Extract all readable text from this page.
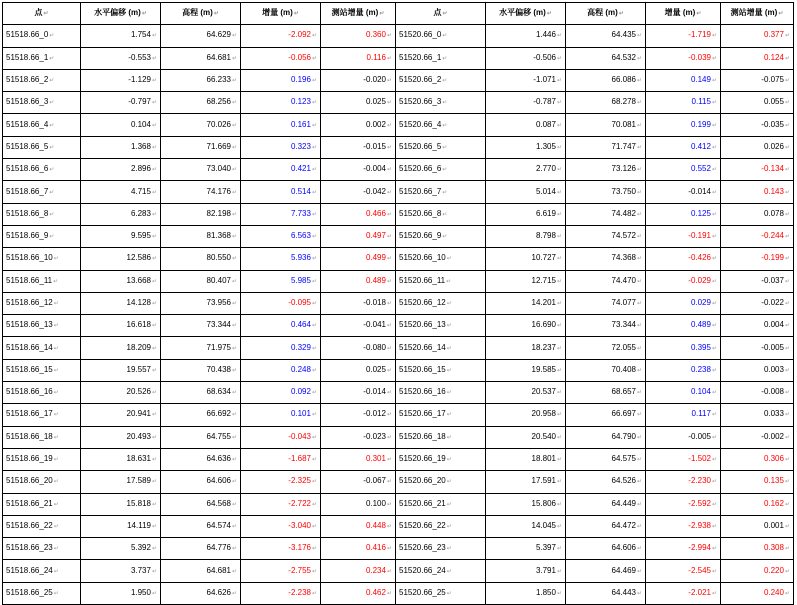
点↵	水平偏移 (m)↵	高程 (m)↵	增量 (m)↵	测站增量 (m)↵	点↵	水平偏移 (m)↵	高程 (m)↵	增量 (m)↵	测站增量 (m)↵
51518.66_0↵	1.754↵	64.629↵	-2.092↵	0.360↵	51520.66_0↵	1.446↵	64.435↵	-1.719↵	0.377↵
51518.66_1↵	-0.553↵	64.681↵	-0.056↵	0.116↵	51520.66_1↵	-0.506↵	64.532↵	-0.039↵	0.124↵
51518.66_2↵	-1.129↵	66.233↵	0.196↵	-0.020↵	51520.66_2↵	-1.071↵	66.086↵	0.149↵	-0.075↵
51518.66_3↵	-0.797↵	68.256↵	0.123↵	0.025↵	51520.66_3↵	-0.787↵	68.278↵	0.115↵	0.055↵
51518.66_4↵	0.104↵	70.026↵	0.161↵	0.002↵	51520.66_4↵	0.087↵	70.081↵	0.199↵	-0.035↵
51518.66_5↵	1.368↵	71.669↵	0.323↵	-0.015↵	51520.66_5↵	1.305↵	71.747↵	0.412↵	0.026↵
51518.66_6↵	2.896↵	73.040↵	0.421↵	-0.004↵	51520.66_6↵	2.770↵	73.126↵	0.552↵	-0.134↵
51518.66_7↵	4.715↵	74.176↵	0.514↵	-0.042↵	51520.66_7↵	5.014↵	73.750↵	-0.014↵	0.143↵
51518.66_8↵	6.283↵	82.198↵	7.733↵	0.466↵	51520.66_8↵	6.619↵	74.482↵	0.125↵	0.078↵
51518.66_9↵	9.595↵	81.368↵	6.563↵	0.497↵	51520.66_9↵	8.798↵	74.572↵	-0.191↵	-0.244↵
51518.66_10↵	12.586↵	80.550↵	5.936↵	0.499↵	51520.66_10↵	10.727↵	74.368↵	-0.426↵	-0.199↵
51518.66_11↵	13.668↵	80.407↵	5.985↵	0.489↵	51520.66_11↵	12.715↵	74.470↵	-0.029↵	-0.037↵
51518.66_12↵	14.128↵	73.956↵	-0.095↵	-0.018↵	51520.66_12↵	14.201↵	74.077↵	0.029↵	-0.022↵
51518.66_13↵	16.618↵	73.344↵	0.464↵	-0.041↵	51520.66_13↵	16.690↵	73.344↵	0.489↵	0.004↵
51518.66_14↵	18.209↵	71.975↵	0.329↵	-0.080↵	51520.66_14↵	18.237↵	72.055↵	0.395↵	-0.005↵
51518.66_15↵	19.557↵	70.438↵	0.248↵	0.025↵	51520.66_15↵	19.585↵	70.408↵	0.238↵	0.003↵
51518.66_16↵	20.526↵	68.634↵	0.092↵	-0.014↵	51520.66_16↵	20.537↵	68.657↵	0.104↵	-0.008↵
51518.66_17↵	20.941↵	66.692↵	0.101↵	-0.012↵	51520.66_17↵	20.958↵	66.697↵	0.117↵	0.033↵
51518.66_18↵	20.493↵	64.755↵	-0.043↵	-0.023↵	51520.66_18↵	20.540↵	64.790↵	-0.005↵	-0.002↵
51518.66_19↵	18.631↵	64.636↵	-1.687↵	0.301↵	51520.66_19↵	18.801↵	64.575↵	-1.502↵	0.306↵
51518.66_20↵	17.589↵	64.606↵	-2.325↵	-0.067↵	51520.66_20↵	17.591↵	64.526↵	-2.230↵	0.135↵
51518.66_21↵	15.818↵	64.568↵	-2.722↵	0.100↵	51520.66_21↵	15.806↵	64.449↵	-2.592↵	0.162↵
51518.66_22↵	14.119↵	64.574↵	-3.040↵	0.448↵	51520.66_22↵	14.045↵	64.472↵	-2.938↵	0.001↵
51518.66_23↵	5.392↵	64.776↵	-3.176↵	0.416↵	51520.66_23↵	5.397↵	64.606↵	-2.994↵	0.308↵
51518.66_24↵	3.737↵	64.681↵	-2.755↵	0.234↵	51520.66_24↵	3.791↵	64.469↵	-2.545↵	0.220↵
51518.66_25↵	1.950↵	64.626↵	-2.238↵	0.462↵	51520.66_25↵	1.850↵	64.443↵	-2.021↵	0.240↵
